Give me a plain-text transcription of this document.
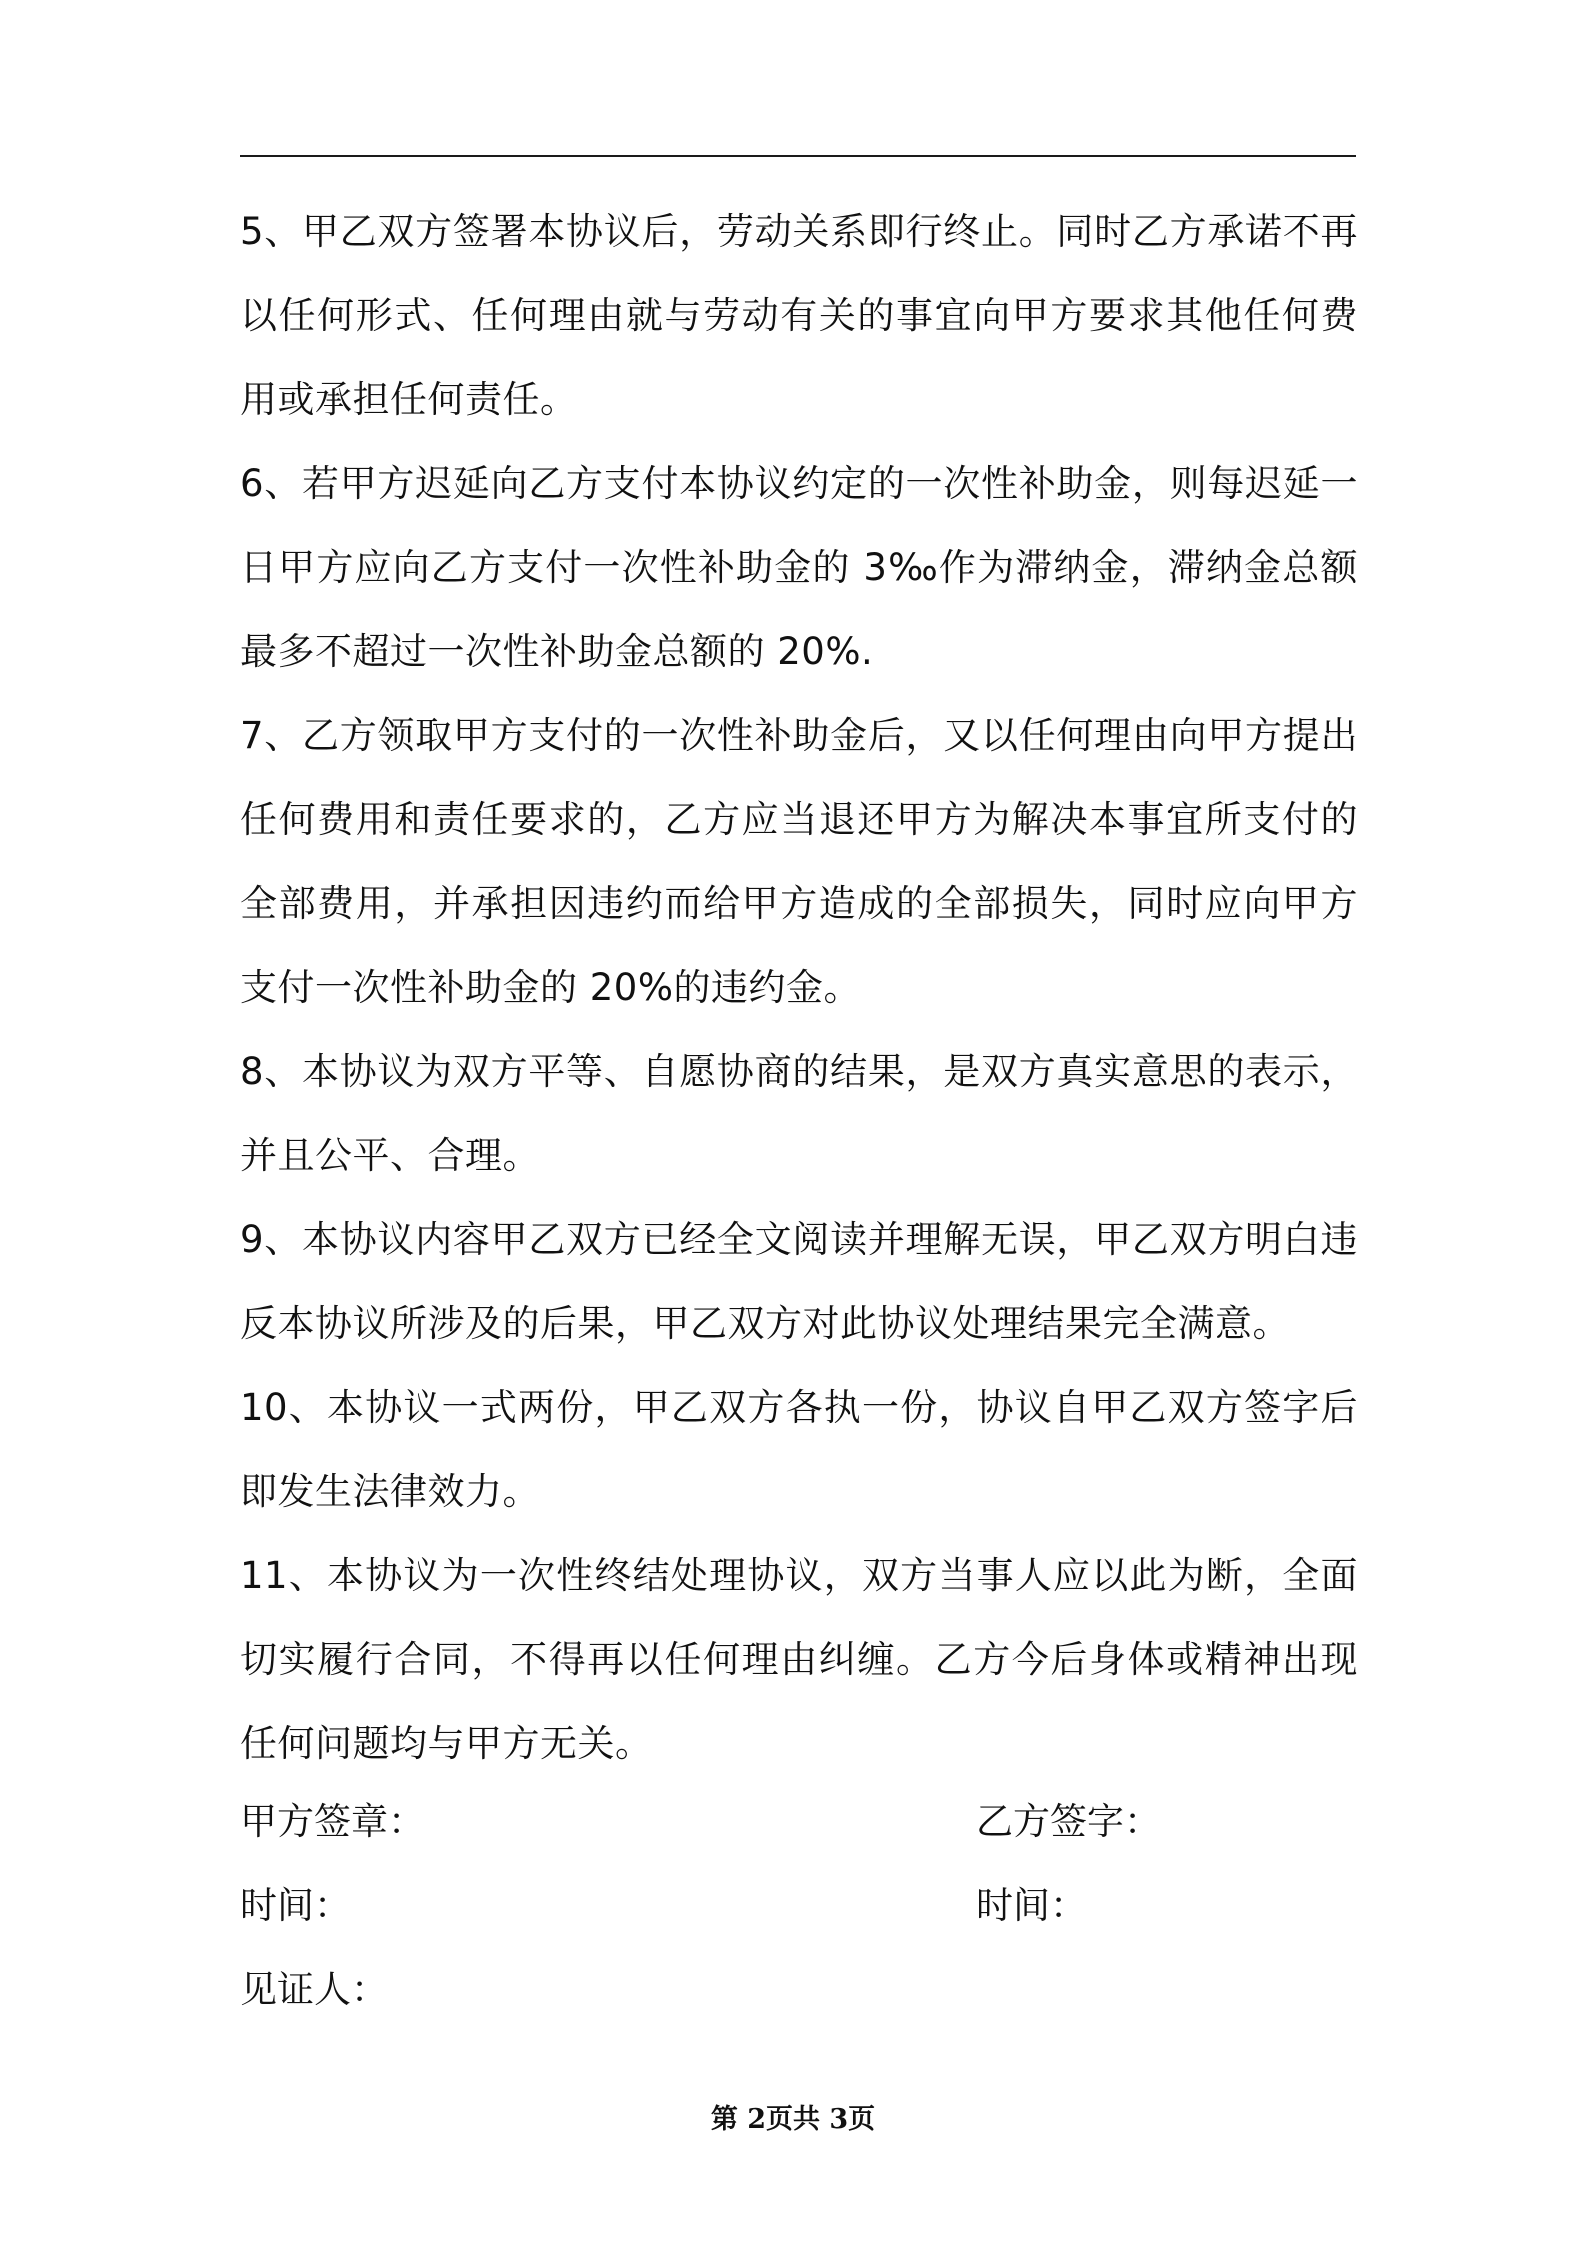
5、甲乙双方签署本协议后，劳动关系即行终止。同时乙方承诺不再以任何形式、任何理由就与劳动有关的事宜向甲方要求其他任何费用或承担任何责任。

6、若甲方迟延向乙方支付本协议约定的一次性补助金，则每迟延一日甲方应向乙方支付一次性补助金的 3‰作为滞纳金，滞纳金总额最多不超过一次性补助金总额的 20%.

7、乙方领取甲方支付的一次性补助金后，又以任何理由向甲方提出任何费用和责任要求的，乙方应当退还甲方为解决本事宜所支付的全部费用，并承担因违约而给甲方造成的全部损失，同时应向甲方支付一次性补助金的 20%的违约金。

8、本协议为双方平等、自愿协商的结果，是双方真实意思的表示，并且公平、合理。

9、本协议内容甲乙双方已经全文阅读并理解无误，甲乙双方明白违反本协议所涉及的后果，甲乙双方对此协议处理结果完全满意。

10、本协议一式两份，甲乙双方各执一份，协议自甲乙双方签字后即发生法律效力。

11、本协议为一次性终结处理协议，双方当事人应以此为断，全面切实履行合同，不得再以任何理由纠缠。乙方今后身体或精神出现任何问题均与甲方无关。

甲方签章：	乙方签字：
时间：	时间：
见证人：
第 2页共 3页
